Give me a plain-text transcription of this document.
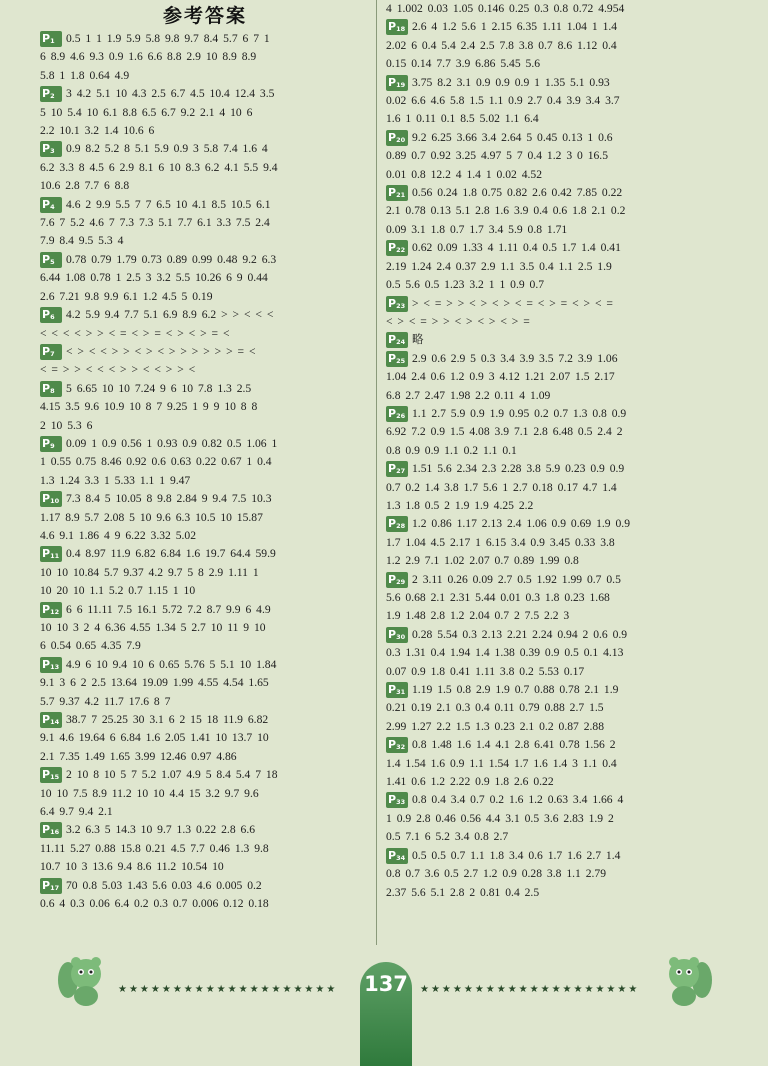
参考答案
P1 0.5 1 1 1.9 5.9 5.8 9.8 9.7 8.4 5.7 6 7 1
6 8.9 4.6 9.3 0.9 1.6 6.6 8.8 2.9 10 8.9 8.9
5.8 1 1.8 0.64 4.9
P2 3 4.2 5.1 10 4.3 2.5 6.7 4.5 10.4 12.4 3.5
5 10 5.4 10 6.1 8.8 6.5 6.7 9.2 2.1 4 10 6
2.2 10.1 3.2 1.4 10.6 6
P3 0.9 8.2 5.2 8 5.1 5.9 0.9 3 5.8 7.4 1.6 4
6.2 3.3 8 4.5 6 2.9 8.1 6 10 8.3 6.2 4.1 5.5 9.4
10.6 2.8 7.7 6 8.8
P4 4.6 2 9.9 5.5 7 7 6.5 10 4.1 8.5 10.5 6.1
7.6 7 5.2 4.6 7 7.3 7.3 5.1 7.7 6.1 3.3 7.5 2.4
7.9 8.4 9.5 5.3 4
P5 0.78 0.79 1.79 0.73 0.89 0.99 0.48 9.2 6.3
6.44 1.08 0.78 1 2.5 3 3.2 5.5 10.26 6 9 0.44
2.6 7.21 9.8 9.9 6.1 1.2 4.5 5 0.19
P6 4.2 5.9 9.4 7.7 5.1 6.9 8.9 6.2 > > < < <
< < < < > > < = < > = < > < > = <
P7 < > < < > > < > < > > > > > > = <
< = > > < < < > > < < > > <
P8 5 6.65 10 10 7.24 9 6 10 7.8 1.3 2.5
4.15 3.5 9.6 10.9 10 8 7 9.25 1 9 9 10 8 8
2 10 5.3 6
P9 0.09 1 0.9 0.56 1 0.93 0.9 0.82 0.5 1.06 1
1 0.55 0.75 8.46 0.92 0.6 0.63 0.22 0.67 1 0.4
1.3 1.24 3.3 1 5.33 1.1 1 9.47
P10 7.3 8.4 5 10.05 8 9.8 2.84 9 9.4 7.5 10.3
1.17 8.9 5.7 2.08 5 10 9.6 6.3 10.5 10 15.87
4.6 9.1 1.86 4 9 6.22 3.32 5.02
P11 0.4 8.97 11.9 6.82 6.84 1.6 19.7 64.4 59.9
10 10 10.84 5.7 9.37 4.2 9.7 5 8 2.9 1.11 1
10 20 10 1.1 5.2 0.7 1.15 1 10
P12 6 6 11.11 7.5 16.1 5.72 7.2 8.7 9.9 6 4.9
10 10 3 2 4 6.36 4.55 1.34 5 2.7 10 11 9 10
6 0.54 0.65 4.35 7.9
P13 4.9 6 10 9.4 10 6 0.65 5.76 5 5.1 10 1.84
9.1 3 6 2 2.5 13.64 19.09 1.99 4.55 4.54 1.65
5.7 9.37 4.2 11.7 17.6 8 7
P14 38.7 7 25.25 30 3.1 6 2 15 18 11.9 6.82
9.1 4.6 19.64 6 6.84 1.6 2.05 1.41 10 13.7 10
2.1 7.35 1.49 1.65 3.99 12.46 0.97 4.86
P15 2 10 8 10 5 7 5.2 1.07 4.9 5 8.4 5.4 7 18
10 10 7.5 8.9 11.2 10 10 4.4 15 3.2 9.7 9.6
6.4 9.7 9.4 2.1
P16 3.2 6.3 5 14.3 10 9.7 1.3 0.22 2.8 6.6
11.11 5.27 0.88 15.8 0.21 4.5 7.7 0.46 1.3 9.8
10.7 10 3 13.6 9.4 8.6 11.2 10.54 10
P17 70 0.8 5.03 1.43 5.6 0.03 4.6 0.005 0.2
0.6 4 0.3 0.06 6.4 0.2 0.3 0.7 0.006 0.12 0.18
4 1.002 0.03 1.05 0.146 0.25 0.3 0.8 0.72 4.954
P18 2.6 4 1.2 5.6 1 2.15 6.35 1.11 1.04 1 1.4
2.02 6 0.4 5.4 2.4 2.5 7.8 3.8 0.7 8.6 1.12 0.4
0.15 0.14 7.7 3.9 6.86 5.45 5.6
P19 3.75 8.2 3.1 0.9 0.9 0.9 1 1.35 5.1 0.93
0.02 6.6 4.6 5.8 1.5 1.1 0.9 2.7 0.4 3.9 3.4 3.7
1.6 1 0.11 0.1 8.5 5.02 1.1 6.4
P20 9.2 6.25 3.66 3.4 2.64 5 0.45 0.13 1 0.6
0.89 0.7 0.92 3.25 4.97 5 7 0.4 1.2 3 0 16.5
0.01 0.8 12.2 4 1.4 1 0.02 4.52
P21 0.56 0.24 1.8 0.75 0.82 2.6 0.42 7.85 0.22
2.1 0.78 0.13 5.1 2.8 1.6 3.9 0.4 0.6 1.8 2.1 0.2
0.09 3.1 1.8 0.7 1.7 3.4 5.9 0.8 1.71
P22 0.62 0.09 1.33 4 1.11 0.4 0.5 1.7 1.4 0.41
2.19 1.24 2.4 0.37 2.9 1.1 3.5 0.4 1.1 2.5 1.9
0.5 5.6 0.5 1.23 3.2 1 1 0.9 0.7
P23 > < = > > < > < > < = < > = < > < =
< > < = > > < > < > < > =
P24 略
P25 2.9 0.6 2.9 5 0.3 3.4 3.9 3.5 7.2 3.9 1.06
1.04 2.4 0.6 1.2 0.9 3 4.12 1.21 2.07 1.5 2.17
6.8 2.7 2.47 1.98 2.2 0.11 4 1.09
P26 1.1 2.7 5.9 0.9 1.9 0.95 0.2 0.7 1.3 0.8 0.9
6.92 7.2 0.9 1.5 4.08 3.9 7.1 2.8 6.48 0.5 2.4 2
0.8 0.9 0.9 1.1 0.2 1.1 0.1
P27 1.51 5.6 2.34 2.3 2.28 3.8 5.9 0.23 0.9 0.9
0.7 0.2 1.4 3.8 1.7 5.6 1 2.7 0.18 0.17 4.7 1.4
1.3 1.8 0.5 2 1.9 1.9 4.25 2.2
P28 1.2 0.86 1.17 2.13 2.4 1.06 0.9 0.69 1.9 0.9
1.7 1.04 4.5 2.17 1 6.15 3.4 0.9 3.45 0.33 3.8
1.2 2.9 7.1 1.02 2.07 0.7 0.89 1.99 0.8
P29 2 3.11 0.26 0.09 2.7 0.5 1.92 1.99 0.7 0.5
5.6 0.68 2.1 2.31 5.44 0.01 0.3 1.8 0.23 1.68
1.9 1.48 2.8 1.2 2.04 0.7 2 7.5 2.2 3
P30 0.28 5.54 0.3 2.13 2.21 2.24 0.94 2 0.6 0.9
0.3 1.31 0.4 1.94 1.4 1.38 0.39 0.9 0.5 0.1 4.13
0.07 0.9 1.8 0.41 1.11 3.8 0.2 5.53 0.17
P31 1.19 1.5 0.8 2.9 1.9 0.7 0.88 0.78 2.1 1.9
0.21 0.19 2.1 0.3 0.4 0.11 0.79 0.88 2.7 1.5
2.99 1.27 2.2 1.5 1.3 0.23 2.1 0.2 0.87 2.88
P32 0.8 1.48 1.6 1.4 4.1 2.8 6.41 0.78 1.56 2
1.4 1.54 1.6 0.9 1.1 1.54 1.7 1.6 1.4 3 1.1 0.4
1.41 0.6 1.2 2.22 0.9 1.8 2.6 0.22
P33 0.8 0.4 3.4 0.7 0.2 1.6 1.2 0.63 3.4 1.66 4
1 0.9 2.8 0.46 0.56 4.4 3.1 0.5 3.6 2.83 1.9 2
0.5 7.1 6 5.2 3.4 0.8 2.7
P34 0.5 0.5 0.7 1.1 1.8 3.4 0.6 1.7 1.6 2.7 1.4
0.8 0.7 3.6 0.5 2.7 1.2 0.9 0.28 3.8 1.1 2.79
2.37 5.6 5.1 2.8 2 0.81 0.4 2.5
★★★★★★★★★★★★★★★★★★★★ 137	★★★★★★★★★★★★★★★★★★★★
